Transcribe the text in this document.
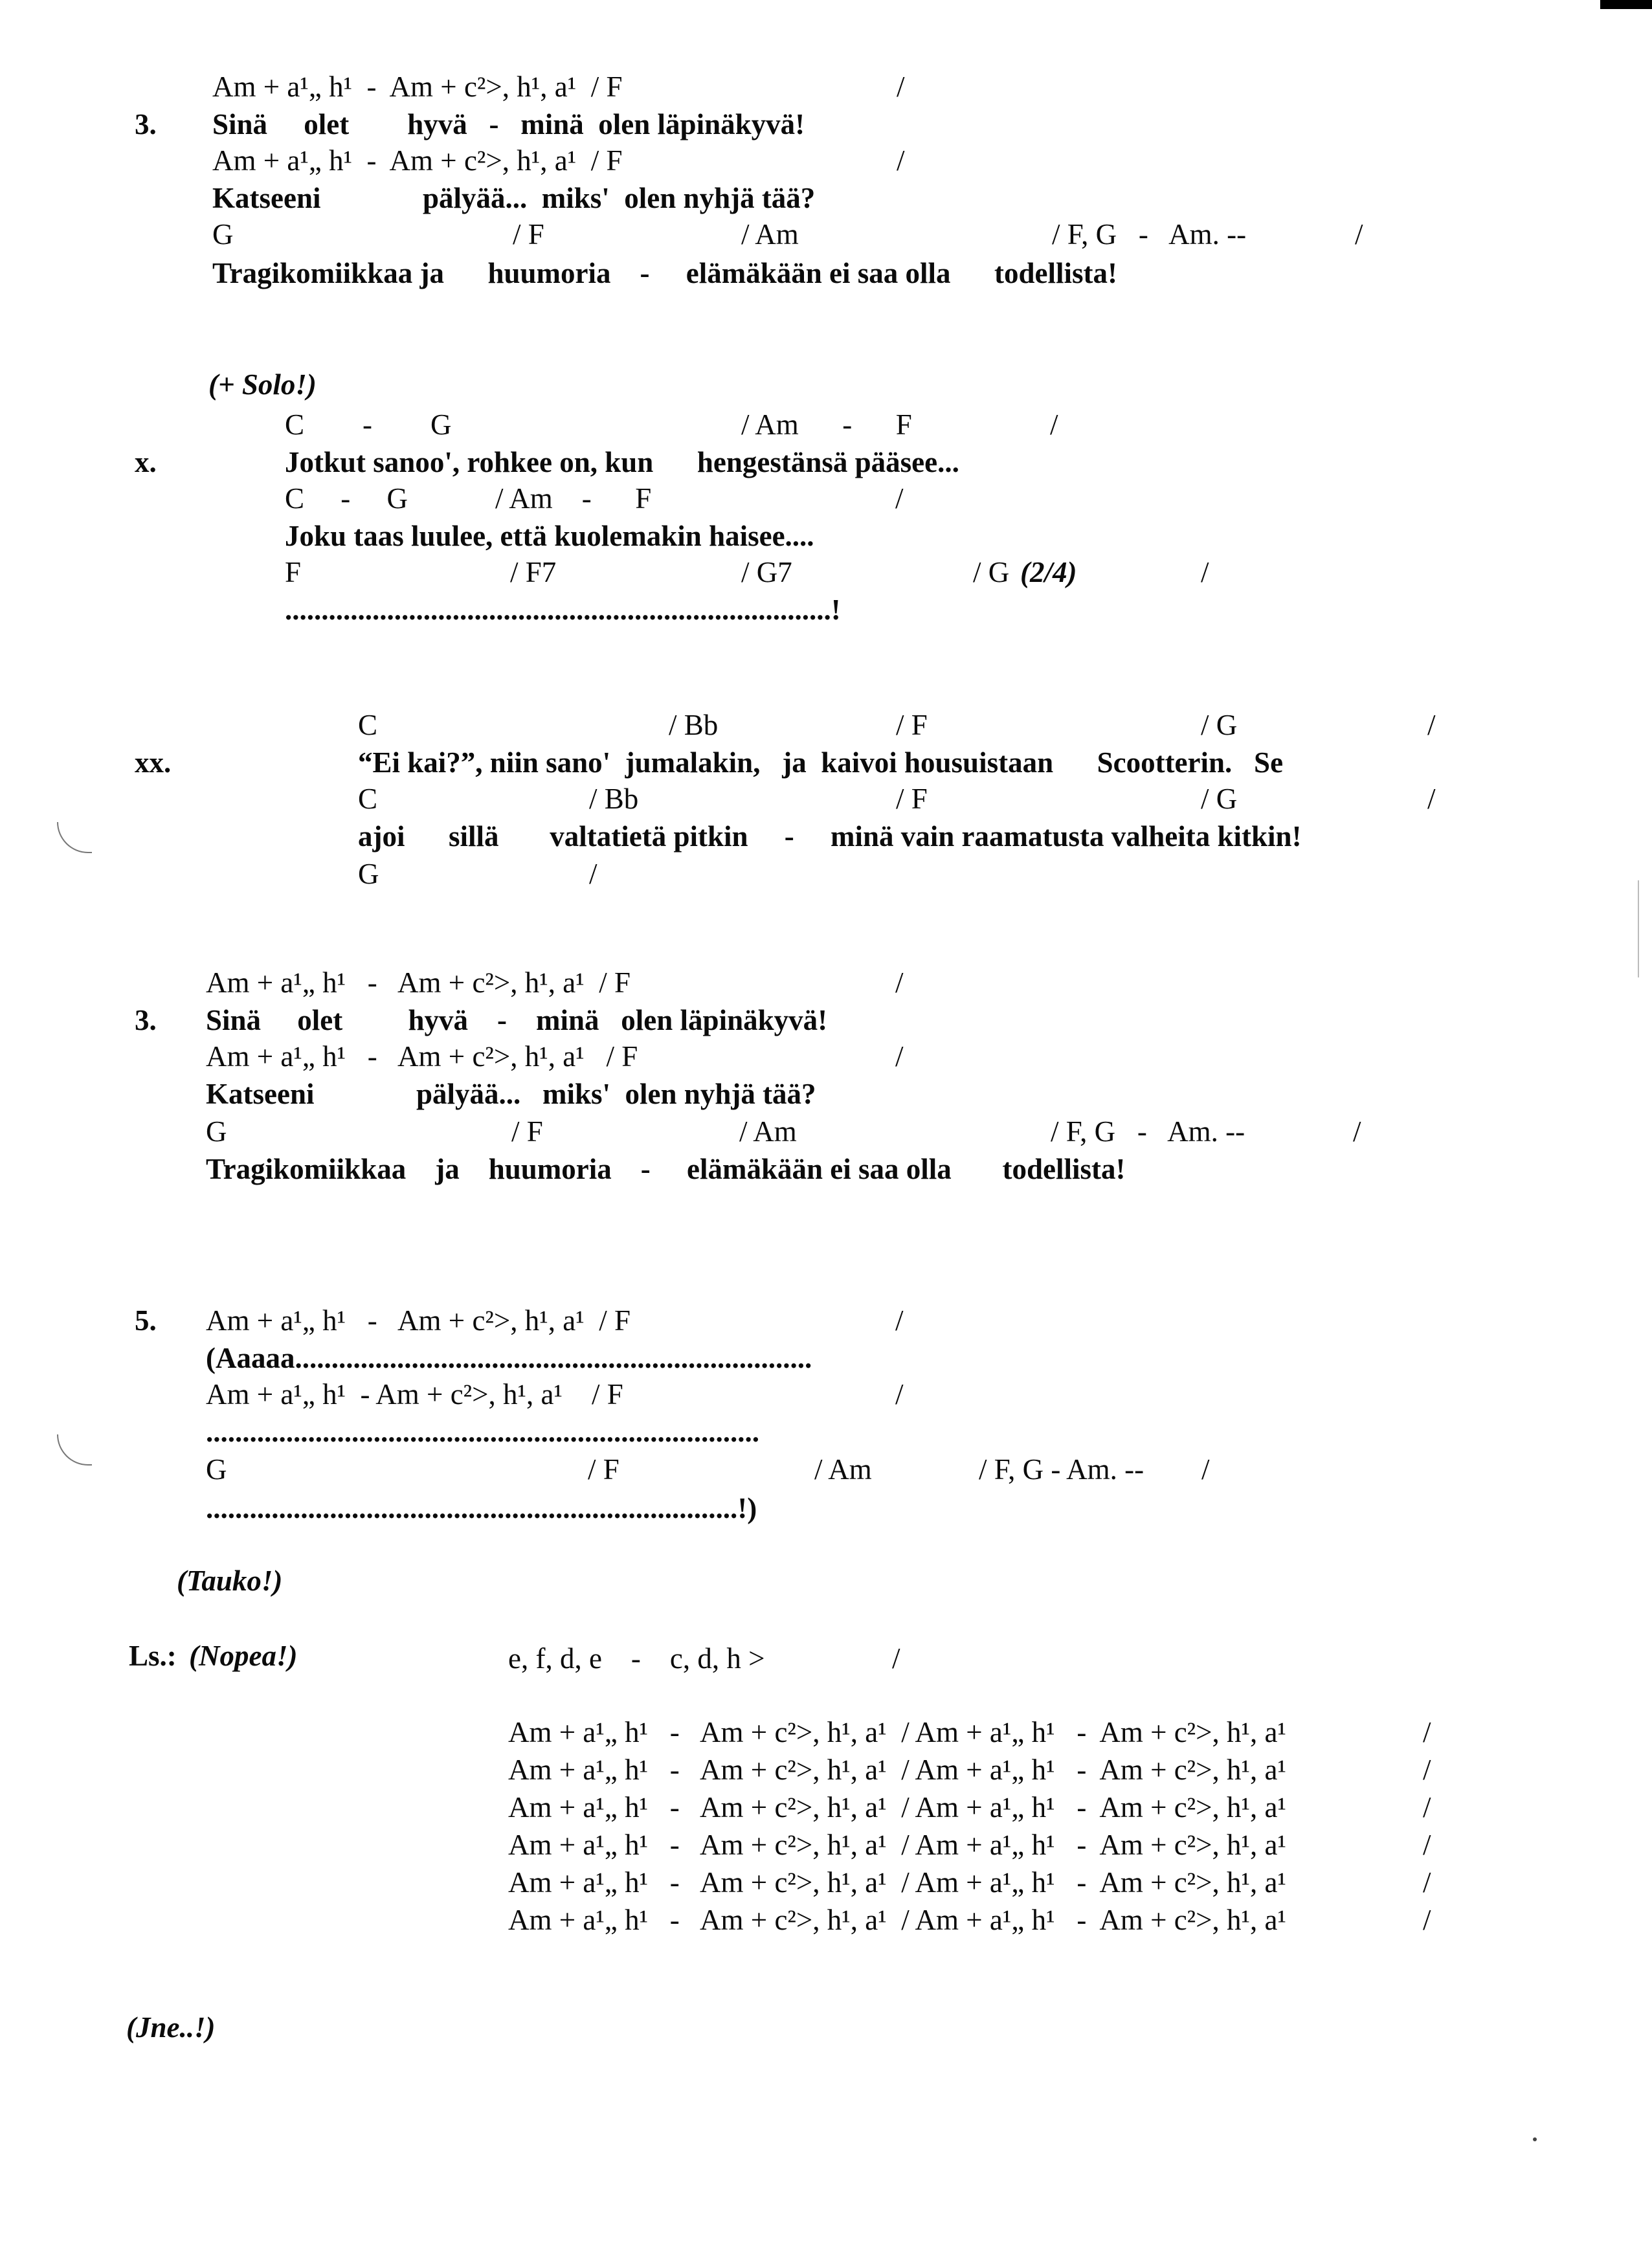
Am + a¹„ h¹  -  Am + c²>, h¹, a¹  / F	/
3. Sinä     olet        hyvä   -   minä  olen läpinäkyvä!
Am + a¹„ h¹  -  Am + c²>, h¹, a¹  / F	/
Katseeni              pälyää...  miks'  olen nyhjä tää?
G	/ F	/ Am	/ F, G   -   Am. --	/
Tragikomiikkaa ja      huumoria    -     elämäkään ei saa olla      todellista!
(+ Solo!)
C        -        G	/ Am      -      F	/
x.	Jotkut sanoo', rohkee on, kun      hengestänsä pääsee...
C     -     G            / Am    -      F	/
Joku taas luulee, että kuolemakin haisee....
F	/ F7	/ G7	/ G (2/4)	/
...........................................................................!
C	/ Bb	/ F	/ G	/
xx.	“Ei kai?”, niin sano'  jumalakin,   ja  kaivoi housuistaan      Scootterin.   Se
C	/ Bb	/ F	/ G	/
ajoi      sillä       valtatietä pitkin     -     minä vain raamatusta valheita kitkin!
G	/
Am + a¹„ h¹   -   Am + c²>, h¹, a¹  / F	/
3. Sinä     olet         hyvä    -    minä   olen läpinäkyvä!
Am + a¹„ h¹   -   Am + c²>, h¹, a¹   / F	/
Katseeni              pälyää...   miks'  olen nyhjä tää?
G	/ F	/ Am	/ F, G   -   Am. --	/
Tragikomiikkaa    ja    huumoria    -     elämäkään ei saa olla       todellista!
5. Am + a¹„ h¹   -   Am + c²>, h¹, a¹  / F	/
(Aaaaa.......................................................................
Am + a¹„ h¹  - Am + c²>, h¹, a¹    / F	/
............................................................................
G	/ F	/ Am	/ F, G - Am. -- /
.........................................................................!)
(Tauko!)
Ls.: (Nopea!)	e, f, d, e    -    c, d, h >	/
Am + a¹„ h¹   -   Am + c²>, h¹, a¹  / Am + a¹„ h¹   -  Am + c²>, h¹, a¹	/
Am + a¹„ h¹   -   Am + c²>, h¹, a¹  / Am + a¹„ h¹   -  Am + c²>, h¹, a¹	/
Am + a¹„ h¹   -   Am + c²>, h¹, a¹  / Am + a¹„ h¹   -  Am + c²>, h¹, a¹	/
Am + a¹„ h¹   -   Am + c²>, h¹, a¹  / Am + a¹„ h¹   -  Am + c²>, h¹, a¹	/
Am + a¹„ h¹   -   Am + c²>, h¹, a¹  / Am + a¹„ h¹   -  Am + c²>, h¹, a¹	/
Am + a¹„ h¹   -   Am + c²>, h¹, a¹  / Am + a¹„ h¹   -  Am + c²>, h¹, a¹	/
(Jne..!)
